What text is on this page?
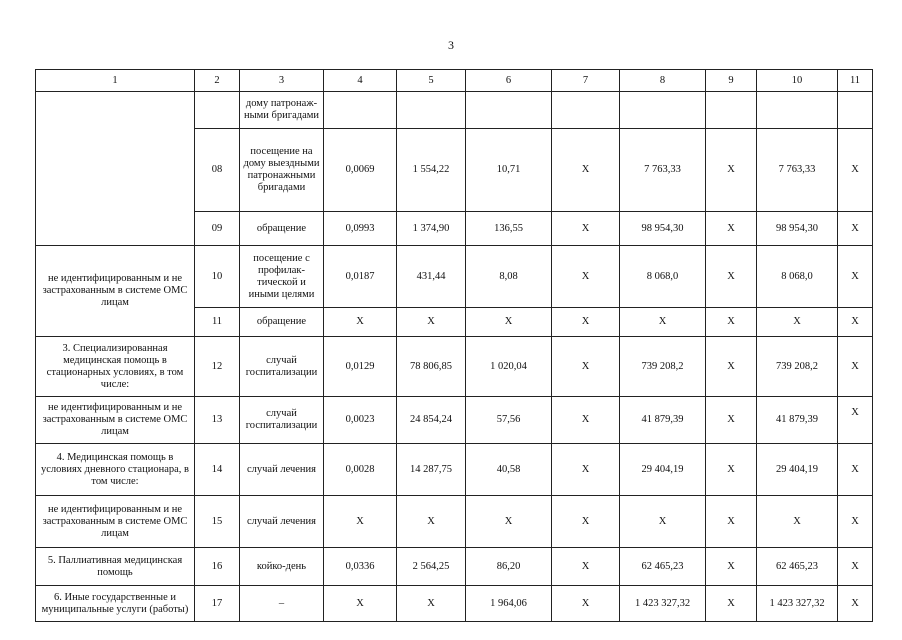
3
1	2	3	4	5	6	7	8	9	10	11
		дому патронаж-ными бригадами								
	08	посещение на дому выездными патронажными бригадами	0,0069	1 554,22	10,71	X	7 763,33	X	7 763,33	X
	09	обращение	0,0993	1 374,90	136,55	X	98 954,30	X	98 954,30	X
не идентифицированным и не застрахованным в системе ОМС лицам	10	посещение с профилак-тической и иными целями	0,0187	431,44	8,08	X	8 068,0	X	8 068,0	X
	11	обращение	X	X	X	X	X	X	X	X
3. Специализированная медицинская помощь в стационарных условиях, в том числе:	12	случай госпитализации	0,0129	78 806,85	1 020,04	X	739 208,2	X	739 208,2	X
не идентифицированным и не застрахованным в системе ОМС лицам	13	случай госпитализации	0,0023	24 854,24	57,56	X	41 879,39	X	41 879,39	X
4. Медицинская помощь в условиях дневного стационара, в том числе:	14	случай лечения	0,0028	14 287,75	40,58	X	29 404,19	X	29 404,19	X
не идентифицированным и не застрахованным в системе ОМС лицам	15	случай лечения	X	X	X	X	X	X	X	X
5. Паллиативная медицинская помощь	16	койко-день	0,0336	2 564,25	86,20	X	62 465,23	X	62 465,23	X
6. Иные государственные и муниципальные услуги (работы)	17	–	X	X	1 964,06	X	1 423 327,32	X	1 423 327,32	X
